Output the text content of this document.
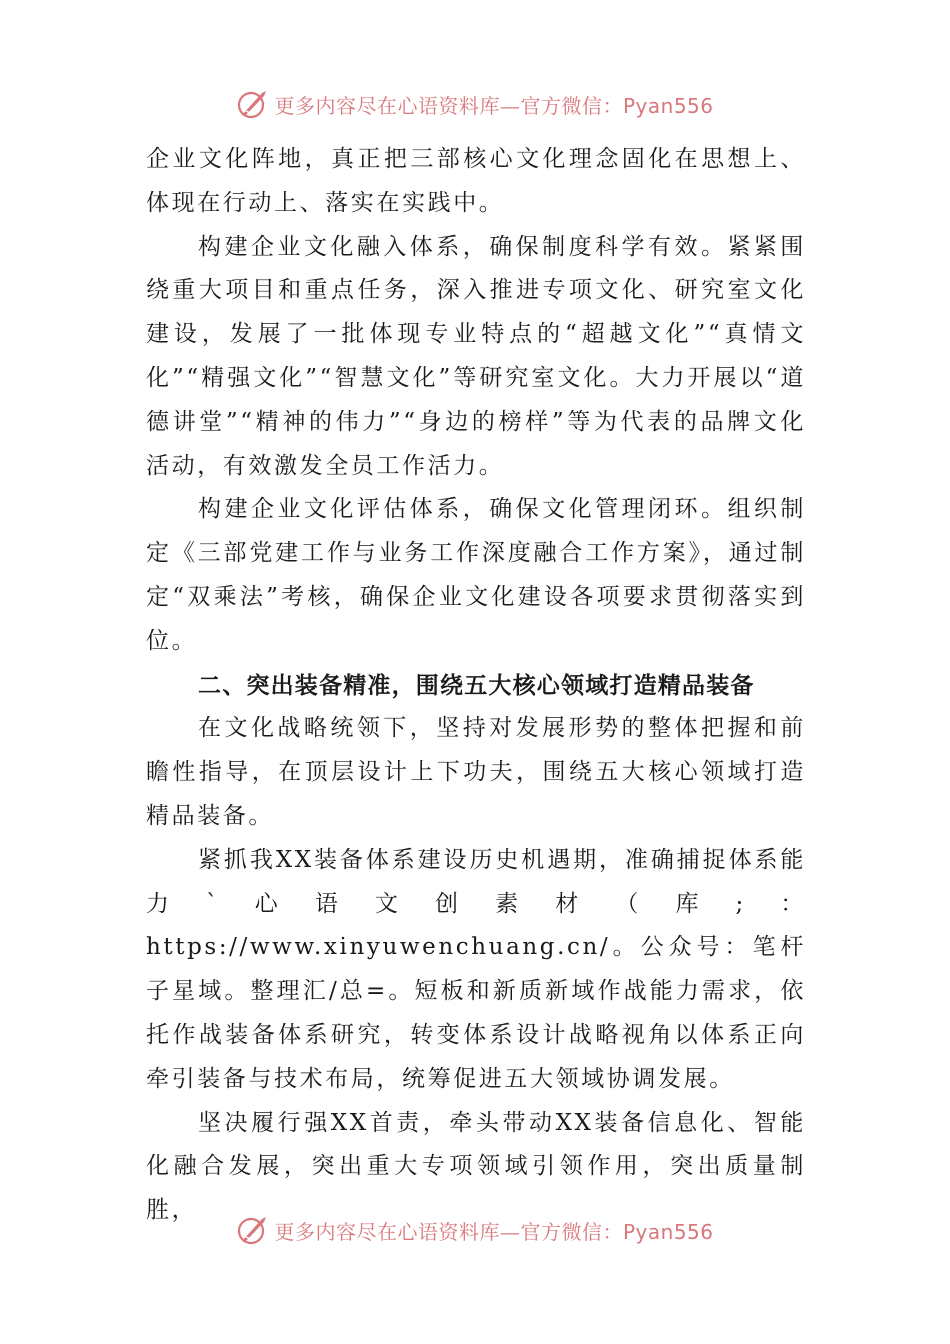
更多内容尽在心语资料库—官方微信：Pyan556

企业文化阵地，真正把三部核心文化理念固化在思想上、体现在行动上、落实在实践中。

构建企业文化融入体系，确保制度科学有效。紧紧围绕重大项目和重点任务，深入推进专项文化、研究室文化建设，发展了一批体现专业特点的“超越文化”“真情文化”“精强文化”“智慧文化”等研究室文化。大力开展以“道德讲堂”“精神的伟力”“身边的榜样”等为代表的品牌文化活动，有效激发全员工作活力。

构建企业文化评估体系，确保文化管理闭环。组织制定《三部党建工作与业务工作深度融合工作方案》，通过制定“双乘法”考核，确保企业文化建设各项要求贯彻落实到位。

二、突出装备精准，围绕五大核心领域打造精品装备

在文化战略统领下，坚持对发展形势的整体把握和前瞻性指导，在顶层设计上下功夫，围绕五大核心领域打造精品装备。

紧抓我XX装备体系建设历史机遇期，准确捕捉体系能力`心语文创素材（库;：https://www.xinyuwenchuang.cn/。公众号：笔杆子星域。整理汇/总=。短板和新质新域作战能力需求，依托作战装备体系研究，转变体系设计战略视角以体系正向牵引装备与技术布局，统筹促进五大领域协调发展。

坚决履行强XX首责，牵头带动XX装备信息化、智能化融合发展，突出重大专项领域引领作用，突出质量制胜，

更多内容尽在心语资料库—官方微信：Pyan556
